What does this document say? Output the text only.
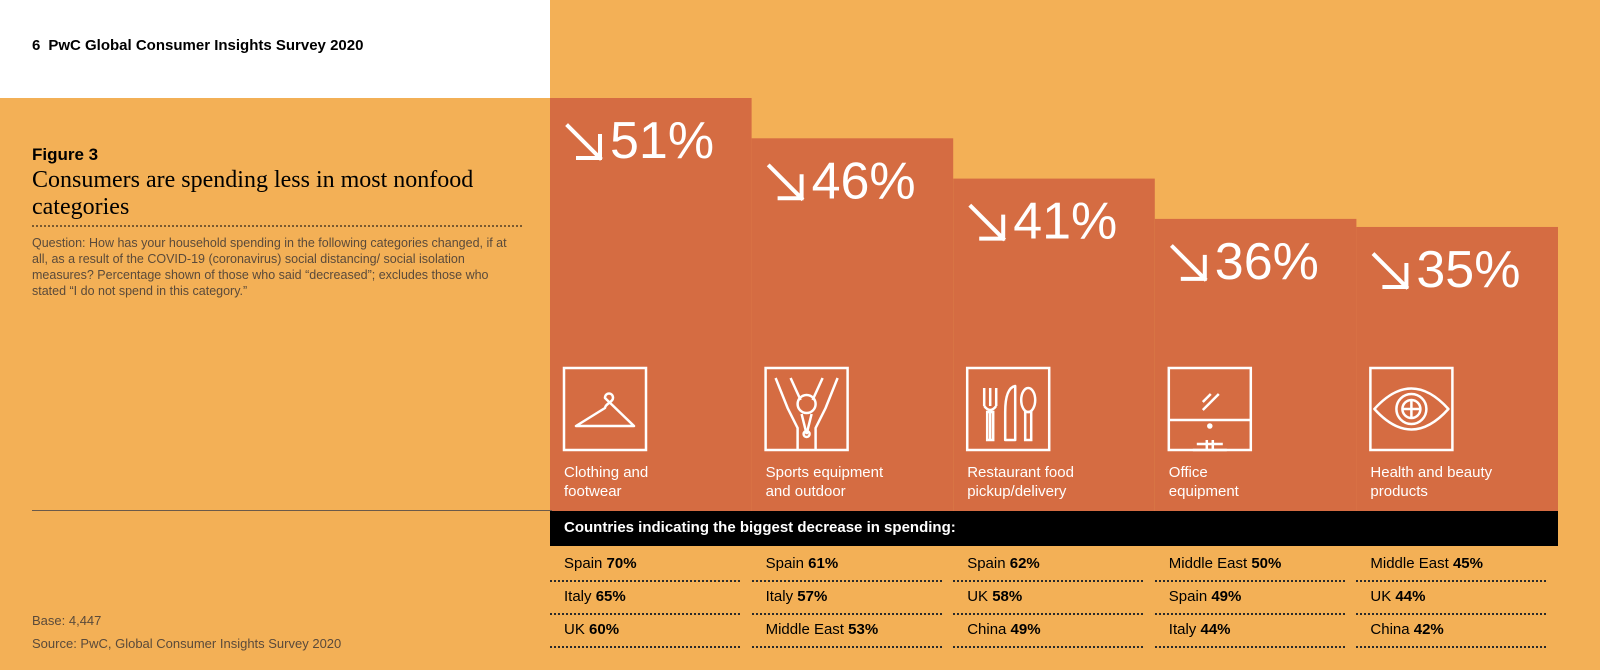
6 PwC Global Consumer Insights Survey 2020
Figure 3
Consumers are spending less in most nonfood categories
Question: How has your household spending in the following categories changed, if at all, as a result of the COVID-19 (coronavirus) social distancing/ social isolation measures? Percentage shown of those who said “decreased”; excludes those who stated “I do not spend in this category.”
51%
46%
41%
36% 35%
Clothing and
footwear
Sports equipment
and outdoor
Restaurant food
pickup/delivery
Office
equipment
Health and beauty
products
Countries indicating the biggest decrease in spending:
Spain 70%
Italy 65%
UK 60%
Spain 61%
Italy 57%
Middle East 53%
Spain 62%
UK 58%
China 49%
Middle East 50%
Spain 49%
Italy 44%
Middle East 45%
UK 44%
China 42%
Base: 4,447
Source: PwC, Global Consumer Insights Survey 2020
